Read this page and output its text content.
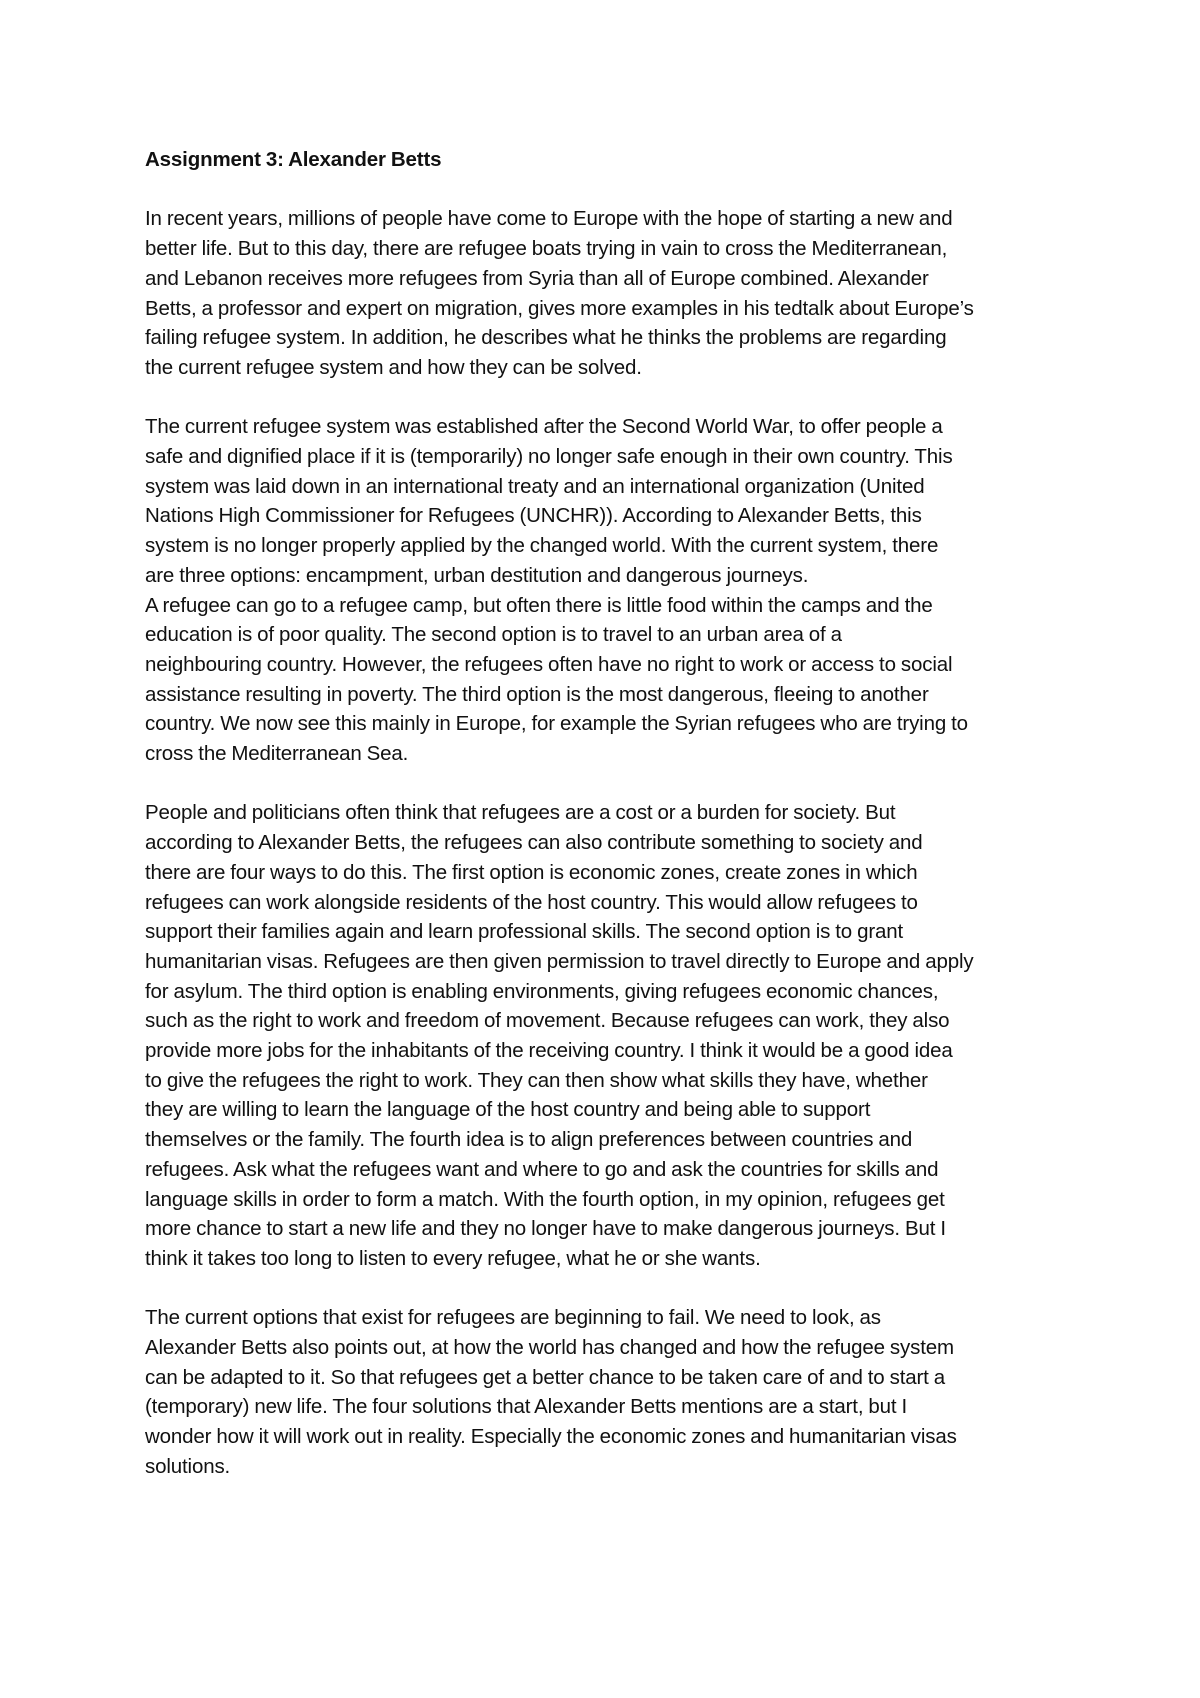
Assignment 3: Alexander Betts
In recent years, millions of people have come to Europe with the hope of starting a new and
better life. But to this day, there are refugee boats trying in vain to cross the Mediterranean,
and Lebanon receives more refugees from Syria than all of Europe combined. Alexander
Betts, a professor and expert on migration, gives more examples in his tedtalk about Europe’s
failing refugee system. In addition, he describes what he thinks the problems are regarding
the current refugee system and how they can be solved.
The current refugee system was established after the Second World War, to offer people a
safe and dignified place if it is (temporarily) no longer safe enough in their own country. This
system was laid down in an international treaty and an international organization (United
Nations High Commissioner for Refugees (UNCHR)). According to Alexander Betts, this
system is no longer properly applied by the changed world. With the current system, there
are three options: encampment, urban destitution and dangerous journeys.
A refugee can go to a refugee camp, but often there is little food within the camps and the
education is of poor quality. The second option is to travel to an urban area of a
neighbouring country. However, the refugees often have no right to work or access to social
assistance resulting in poverty. The third option is the most dangerous, fleeing to another
country. We now see this mainly in Europe, for example the Syrian refugees who are trying to
cross the Mediterranean Sea.
People and politicians often think that refugees are a cost or a burden for society. But
according to Alexander Betts, the refugees can also contribute something to society and
there are four ways to do this. The first option is economic zones, create zones in which
refugees can work alongside residents of the host country. This would allow refugees to
support their families again and learn professional skills. The second option is to grant
humanitarian visas. Refugees are then given permission to travel directly to Europe and apply
for asylum. The third option is enabling environments, giving refugees economic chances,
such as the right to work and freedom of movement. Because refugees can work, they also
provide more jobs for the inhabitants of the receiving country. I think it would be a good idea
to give the refugees the right to work. They can then show what skills they have, whether
they are willing to learn the language of the host country and being able to support
themselves or the family. The fourth idea is to align preferences between countries and
refugees. Ask what the refugees want and where to go and ask the countries for skills and
language skills in order to form a match. With the fourth option, in my opinion, refugees get
more chance to start a new life and they no longer have to make dangerous journeys. But I
think it takes too long to listen to every refugee, what he or she wants.
The current options that exist for refugees are beginning to fail. We need to look, as
Alexander Betts also points out, at how the world has changed and how the refugee system
can be adapted to it. So that refugees get a better chance to be taken care of and to start a
(temporary) new life. The four solutions that Alexander Betts mentions are a start, but I
wonder how it will work out in reality. Especially the economic zones and humanitarian visas
solutions.
